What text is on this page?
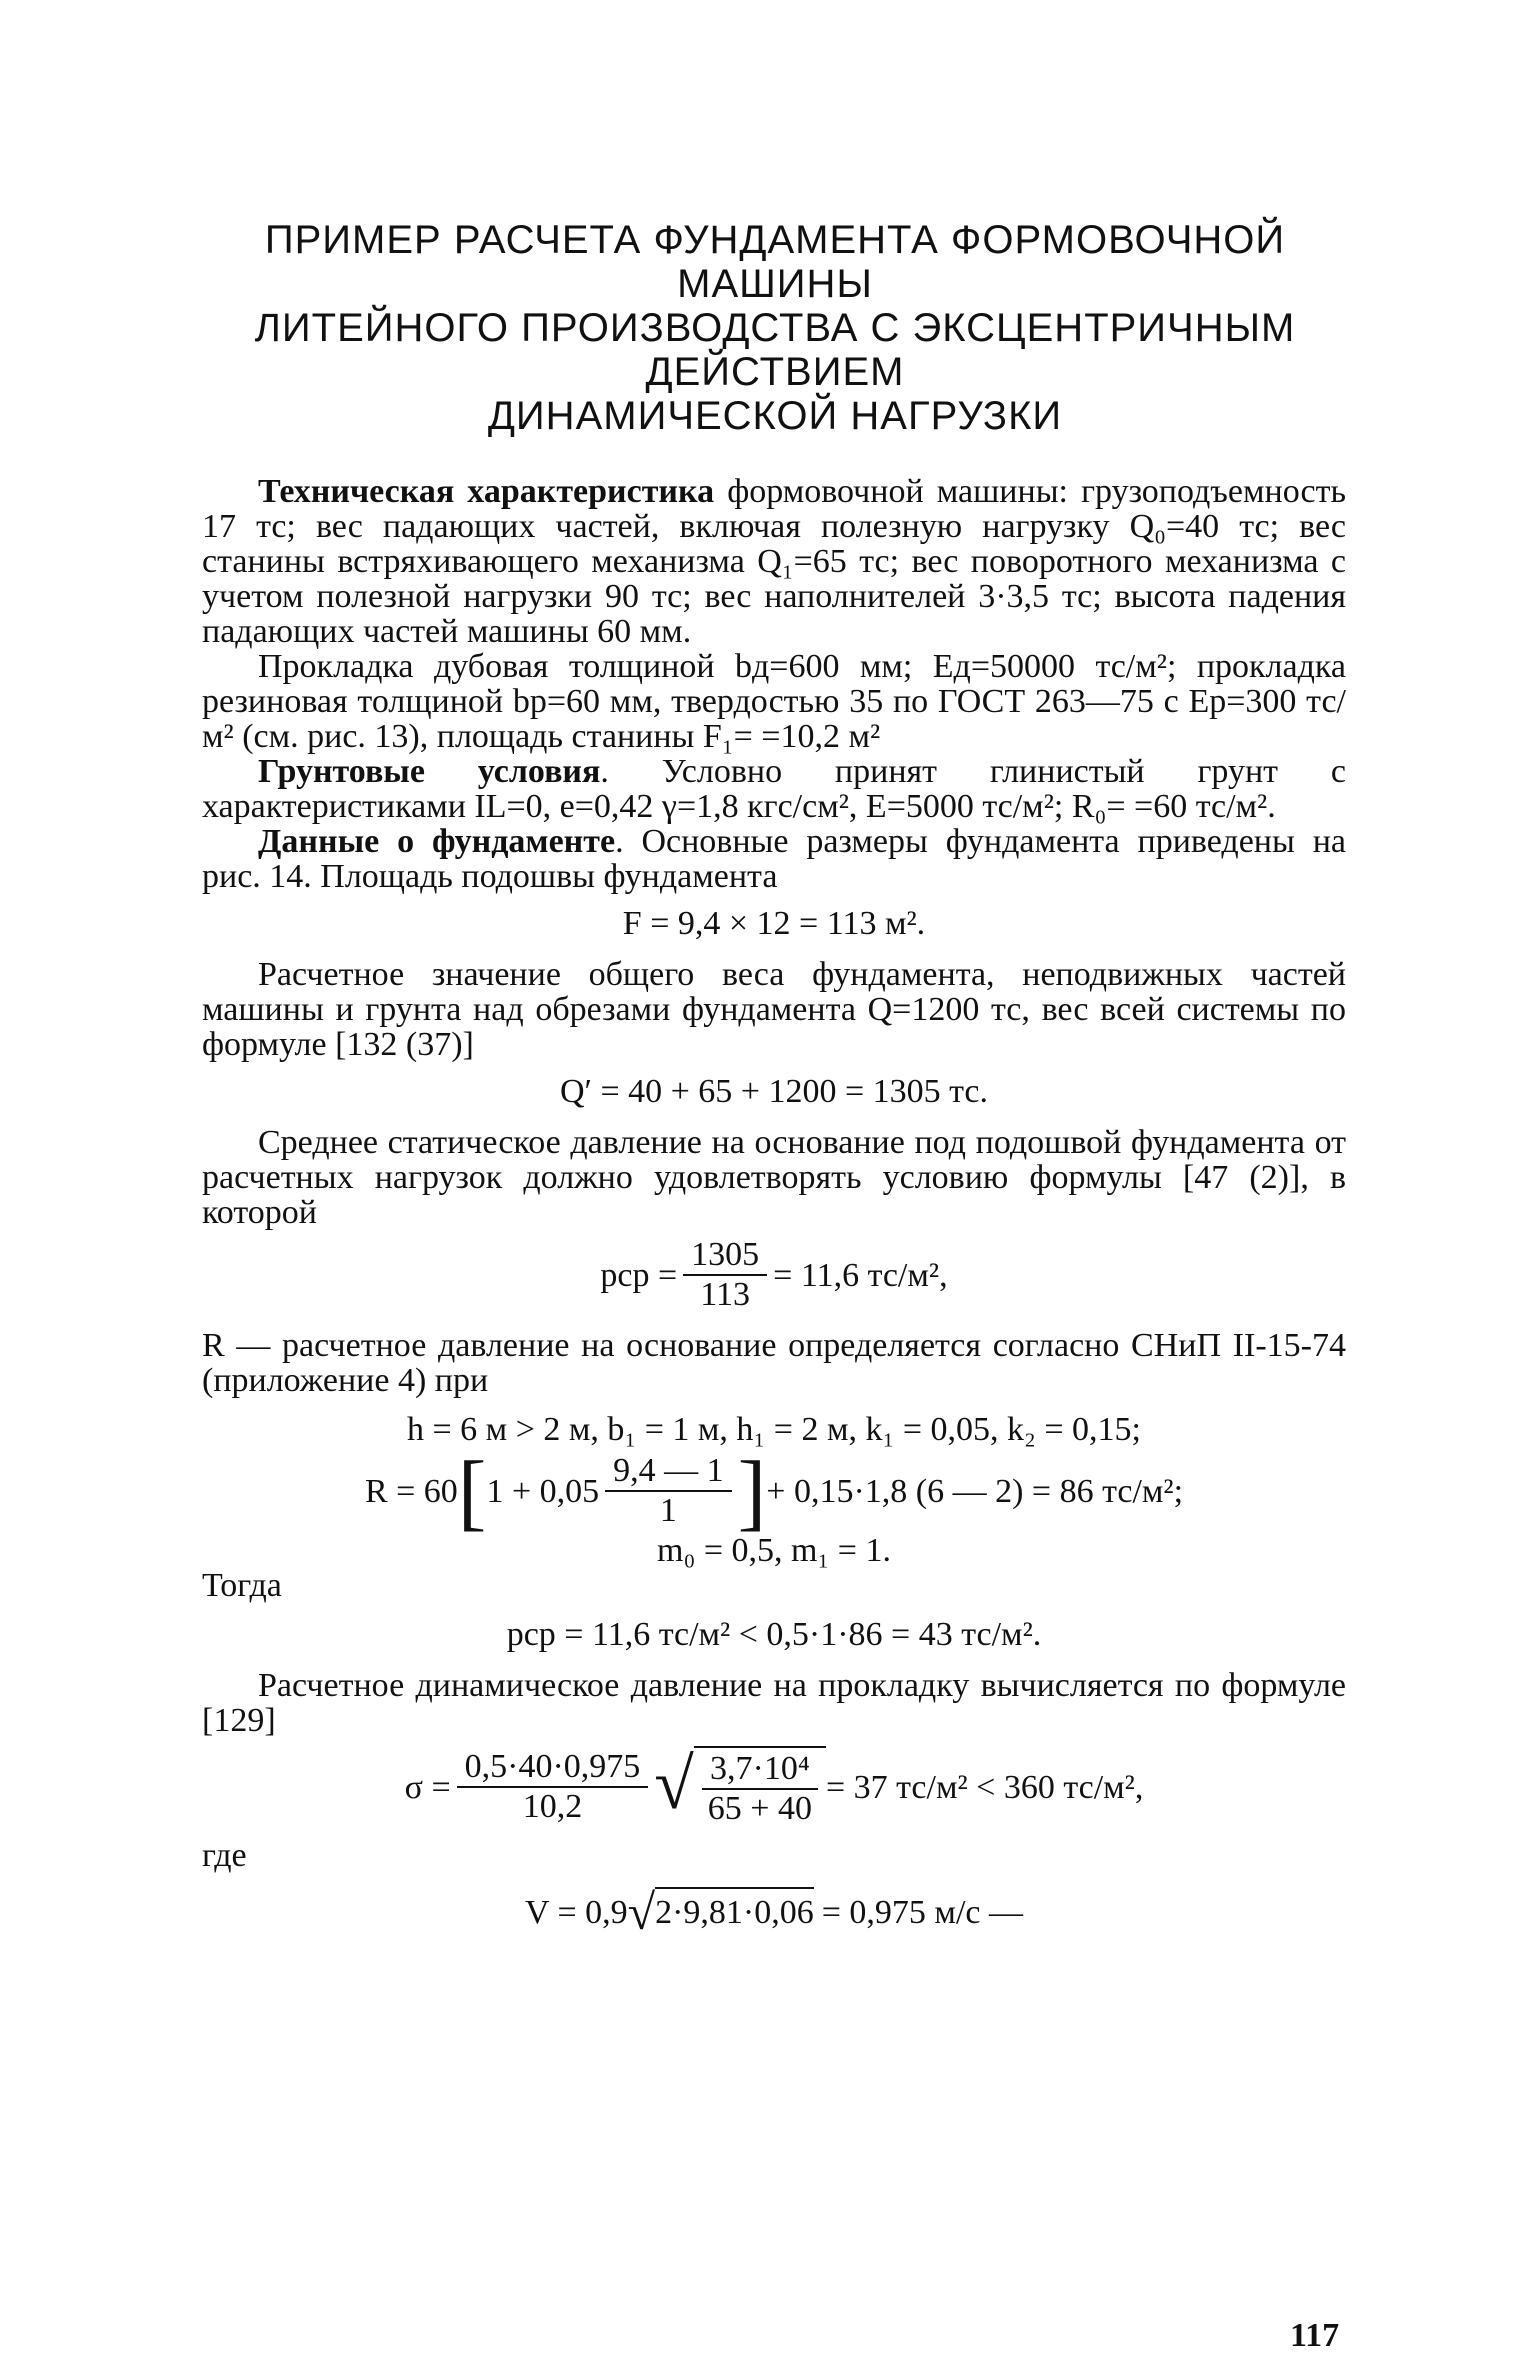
ПРИМЕР РАСЧЕТА ФУНДАМЕНТА ФОРМОВОЧНОЙ
МАШИНЫ
ЛИТЕЙНОГО ПРОИЗВОДСТВА С ЭКСЦЕНТРИЧНЫМ
ДЕЙСТВИЕМ
ДИНАМИЧЕСКОЙ НАГРУЗКИ

Техническая характеристика формовочной машины: грузоподъемность 17 тс; вес падающих частей, включая полезную нагрузку Q₀=40 тс; вес станины встряхивающего механизма Q₁=65 тс; вес поворотного механизма с учетом полезной нагрузки 90 тс; вес наполнителей 3·3,5 тс; высота падения падающих частей машины 60 мм.

Прокладка дубовая толщиной bд=600 мм; Eд=50000 тс/м²; прокладка резиновая толщиной bр=60 мм, твердостью 35 по ГОСТ 263—75 с Eр=300 тс/м² (см. рис. 13), площадь станины F₁= =10,2 м²

Грунтовые условия. Условно принят глинистый грунт с характеристиками IL=0, e=0,42 γ=1,8 кгс/см², E=5000 тс/м²; R₀= =60 тс/м².

Данные о фундаменте. Основные размеры фундамента приведены на рис. 14. Площадь подошвы фундамента

F = 9,4 × 12 = 113 м².

Расчетное значение общего веса фундамента, неподвижных частей машины и грунта над обрезами фундамента Q=1200 тс, вес всей системы по формуле [132 (37)]

Q′ = 40 + 65 + 1200 = 1305 тс.

Среднее статическое давление на основание под подошвой фундамента от расчетных нагрузок должно удовлетворять условию формулы [47 (2)], в которой

pср = $\frac{1305}{113} = 11,6$ тс/м²,

R — расчетное давление на основание определяется согласно СНиП II-15-74 (приложение 4) при

h = 6 м > 2 м, b₁ = 1 м, h₁ = 2 м, k₁ = 0,05, k₂ = 0,15;

R = 60 [ $1 + 0,05 \frac{9,4 — 1}{1}$ ] + 0,15·1,8 (6 — 2) = 86 тс/м²;

m₀ = 0,5, m₁ = 1.

Тогда

pср = 11,6 тс/м² < 0,5·1·86 = 43 тс/м².

Расчетное динамическое давление на прокладку вычисляется по формуле [129]

$\sigma = \frac{0,5\cdot 40\cdot 0,975}{10,2}$ √ $\frac{\text{3,7·10⁴}}{65 + 40} = 37$ тс/м² < 360 тс/м²,

где

V = 0,9 √ 2·9,81·0,06 = 0,975 м/с —
117
